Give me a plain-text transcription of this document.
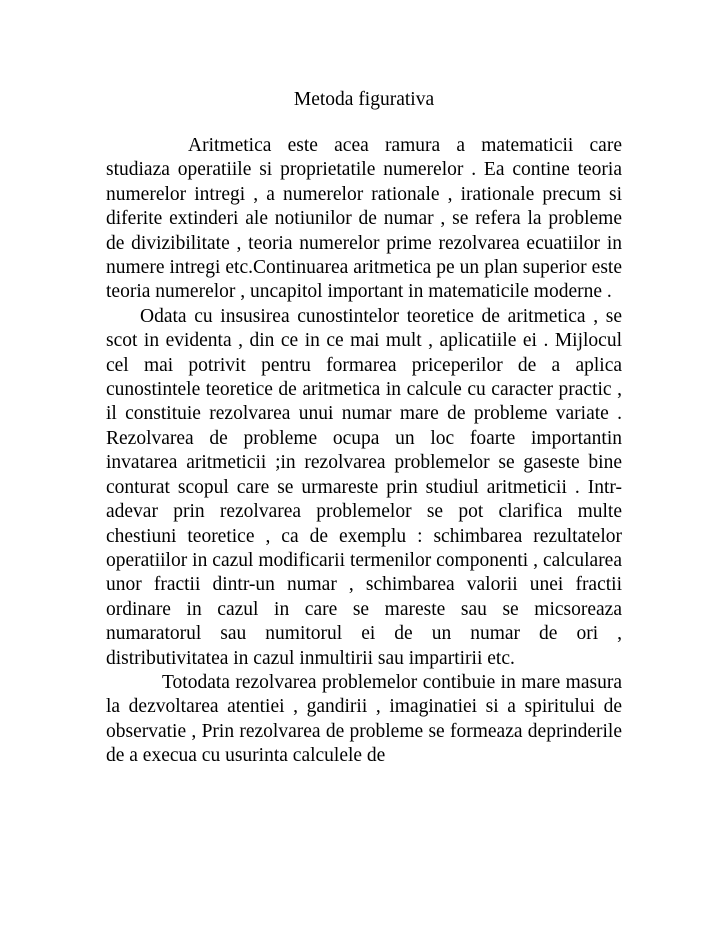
Metoda figurativa

Aritmetica este acea ramura a matematicii care studiaza operatiile si proprietatile numerelor . Ea contine teoria numerelor intregi , a numerelor rationale , irationale precum si diferite extinderi ale notiunilor de numar , se refera la probleme de divizibilitate , teoria numerelor prime rezolvarea ecuatiilor in numere intregi etc.Continuarea aritmetica pe un plan superior este teoria numerelor , uncapitol important in matematicile moderne .

Odata cu insusirea cunostintelor teoretice de aritmetica , se scot in evidenta , din ce in ce mai mult , aplicatiile ei . Mijlocul cel mai potrivit pentru formarea priceperilor de a aplica cunostintele teoretice de aritmetica in calcule cu caracter practic , il constituie rezolvarea unui numar mare de probleme variate . Rezolvarea de probleme ocupa un loc foarte importantin invatarea aritmeticii ;in rezolvarea problemelor se gaseste bine conturat scopul care se urmareste prin studiul aritmeticii . Intr-adevar prin rezolvarea problemelor se pot clarifica multe chestiuni teoretice , ca de exemplu : schimbarea rezultatelor operatiilor in cazul modificarii termenilor componenti , calcularea unor fractii dintr-un numar , schimbarea valorii unei fractii ordinare in cazul in care se mareste sau se micsoreaza numaratorul sau numitorul ei de un numar de ori , distributivitatea in cazul inmultirii sau impartirii etc.

Totodata rezolvarea problemelor contibuie in mare masura la dezvoltarea atentiei , gandirii , imaginatiei si a spiritului de observatie , Prin rezolvarea de probleme se formeaza deprinderile de a execua cu usurinta calculele de
